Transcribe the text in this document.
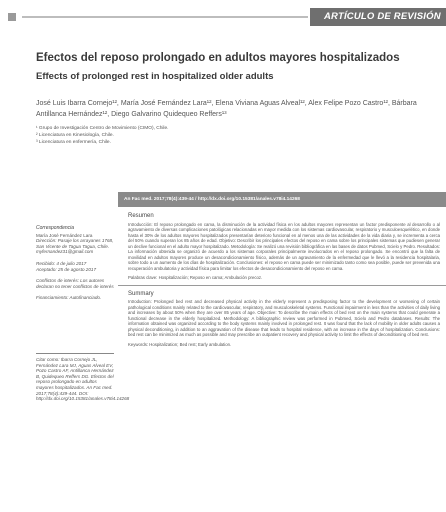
ARTÍCULO DE REVISIÓN
Efectos del reposo prolongado en adultos mayores hospitalizados
Effects of prolonged rest in hospitalized older adults
José Luis Ibarra Cornejo¹², María José Fernández Lara¹², Elena Viviana Aguas Alveal¹², Alex Felipe Pozo Castro¹², Bárbara Antillanca Hernández¹², Diego Galvarino Quidequeo Reffers¹³
¹ Grupo de Investigación Centro de Movimiento (CIMO), Chile.
² Licenciatura en Kinesiología, Chile.
³ Licenciatura en enfermería, Chile.
An Fac med. 2017;78(4):439-44 / http://dx.doi.org/10.15381/anales.v78i4.14268
Correspondencia
María José Fernández Lara
Dirección: Pasaje los arrayanes 1768, San Vicente de Tagua Tagua, Chile.
myfernandez31@gmail.com
Recibido: 4 de julio 2017
Aceptado: 25 de agosto 2017
Conflictos de interés: Los autores declaran no tener conflictos de interés
Financiamiento: Autofinanciado.
Citar como: Ibarra Cornejo JL, Fernández Lara MJ, Aguas Alveal EV, Pozo Castro AF, Antillanca Hernández B, Quidequeo Reffers DG. Efectos del reposo prolongado en adultos mayores hospitalizados. An Fac med. 2017;78(4):439-444. DOI: http://dx.doi.org/10.15381/anales.v78i4.14268
Resumen

Introducción: El reposo prolongado en cama, la disminución de la actividad física en los adultos mayores representan un factor predisponente al desarrollo o al agravamiento de diversas complicaciones patológicas relacionadas en mayor medida con los sistemas cardiovascular, respiratorio y musculoesquelético, en donde hasta el 30% de los adultos mayores hospitalizados presentarían deterioro funcional en al menos una de las actividades de la vida diaria y, se incrementa a cerca del 50% cuando superan los 85 años de edad. Objetivo: Describir los principales efectos del reposo en cama sobre los principales sistemas que pudiesen generar un declive funcional en el adulto mayor hospitalizado. Metodología: Se realizó una revisión bibliográfica en las bases de datos Pubmed, Scielo y Pedro. Resultados: La información obtenida se organizó de acuerdo a los sistemas corporales principalmente involucrados en el reposo prolongado. Se encontró que la falta de movilidad en adultos mayores produce un desacondicionamiento físico, además de un agravamiento de la enfermedad que le llevó a la residencia hospitalaria, sobre todo a un aumento de los días de hospitalización. Conclusiones: el reposo en cama puede ser minimizado tanto como sea posible, puede ser prevenida una recuperación ambulatoria y actividad física para limitar los efectos de desacondicionamiento del reposo en cama.

Palabras clave: Hospitalización; Reposo en cama; Ambulación precoz.

Summary

Introduction: Prolonged bed rest and decreased physical activity in the elderly represent a predisposing factor to the development or worsening of certain pathological conditions mainly related to the cardiovascular, respiratory, and musculoskeletal systems. Functional impairment in less than the activities of daily living and increases by about 50% when they are over 85 years of age. Objective: To describe the main effects of bed rest on the main systems that could generate a functional decrease in the elderly hospitalized. Methodology: A bibliographic review was performed in Pubmed, Scielo and Pedro databases. Results: The information obtained was organized according to the body systems mainly involved in prolonged rest. It was found that the lack of mobility in older adults causes a physical deconditioning, in addition to an aggravation of the disease that leads to hospital residence, with an increase in the days of hospitalization. Conclusions: bed rest can be minimized as much as possible and may prescribe an outpatient recovery and physical activity to limit the effects of deconditioning of bed rest.

Keywords: Hospitalization; Bed rest; Early ambulation.
